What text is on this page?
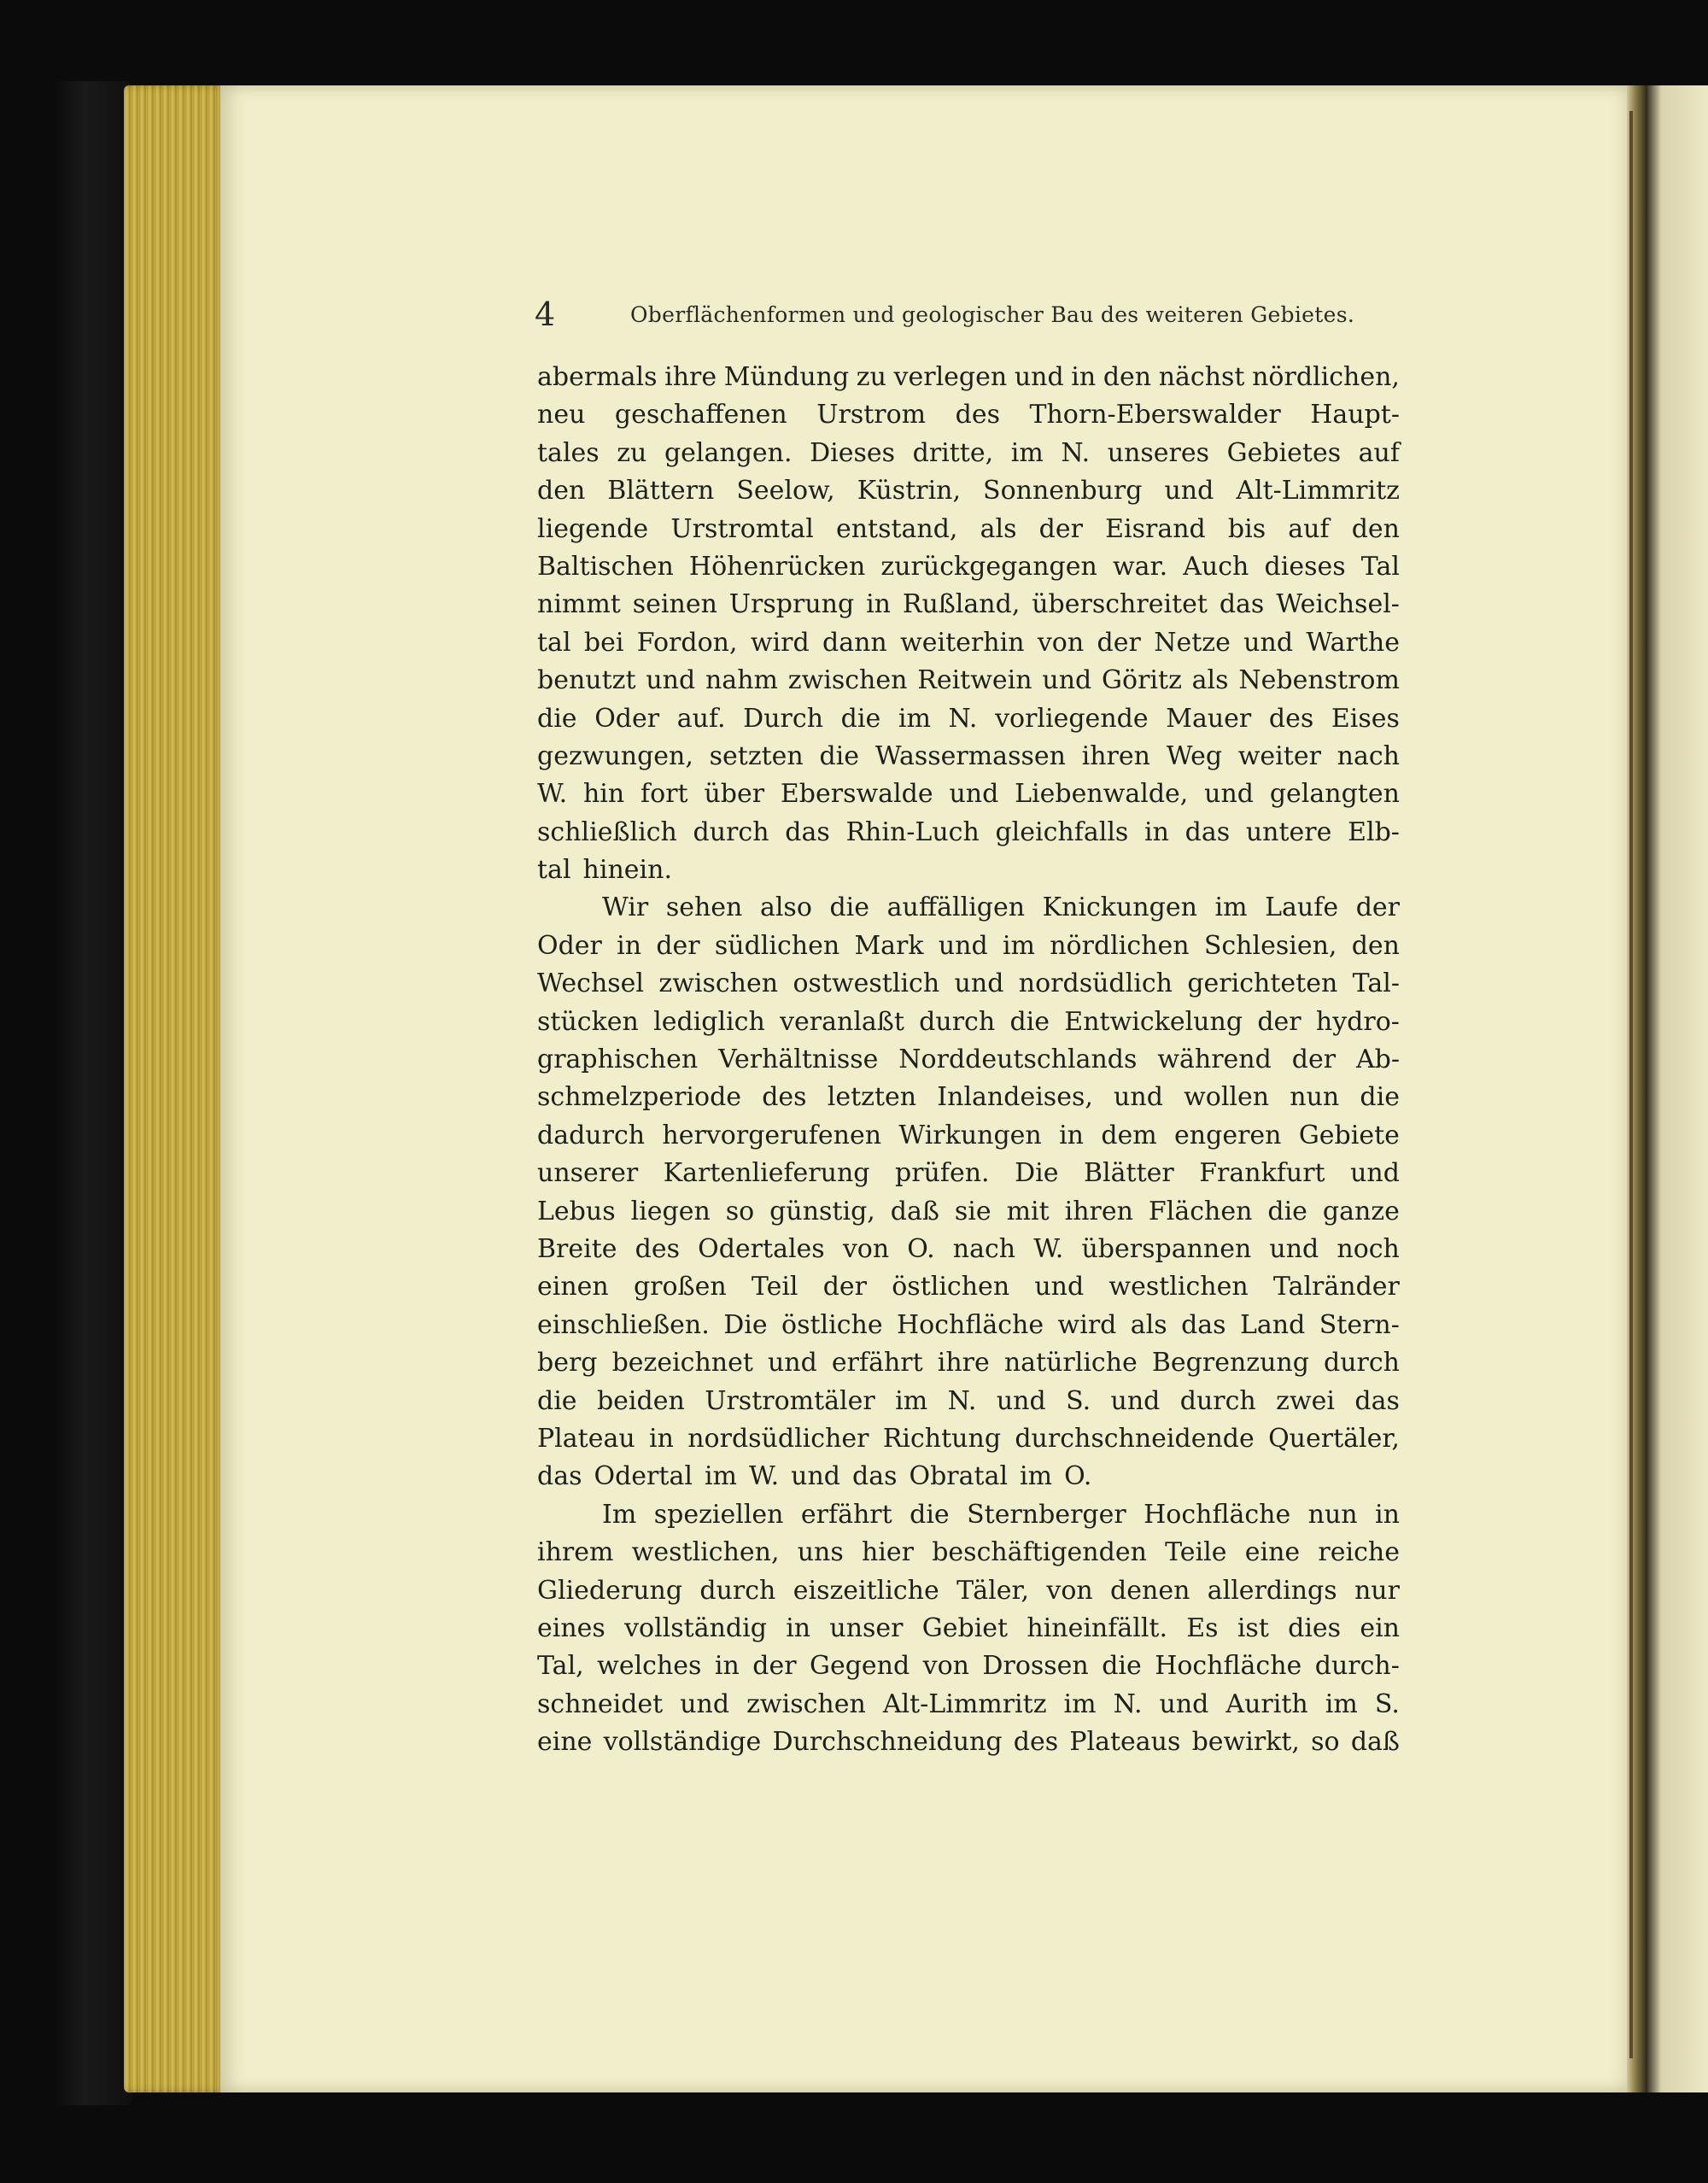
4	Oberflächenformen und geologischer Bau des weiteren Gebietes.
abermals ihre Mündung zu verlegen und in den nächst nördlichen,
neu geschaffenen Urstrom des Thorn-Eberswalder Haupt-
tales zu gelangen. Dieses dritte, im N. unseres Gebietes auf
den Blättern Seelow, Küstrin, Sonnenburg und Alt-Limmritz
liegende Urstromtal entstand, als der Eisrand bis auf den
Baltischen Höhenrücken zurückgegangen war. Auch dieses Tal
nimmt seinen Ursprung in Rußland, überschreitet das Weichsel-
tal bei Fordon, wird dann weiterhin von der Netze und Warthe
benutzt und nahm zwischen Reitwein und Göritz als Nebenstrom
die Oder auf. Durch die im N. vorliegende Mauer des Eises
gezwungen, setzten die Wassermassen ihren Weg weiter nach
W. hin fort über Eberswalde und Liebenwalde, und gelangten
schließlich durch das Rhin-Luch gleichfalls in das untere Elb-
tal hinein.
Wir sehen also die auffälligen Knickungen im Laufe der
Oder in der südlichen Mark und im nördlichen Schlesien, den
Wechsel zwischen ostwestlich und nordsüdlich gerichteten Tal-
stücken lediglich veranlaßt durch die Entwickelung der hydro-
graphischen Verhältnisse Norddeutschlands während der Ab-
schmelzperiode des letzten Inlandeises, und wollen nun die
dadurch hervorgerufenen Wirkungen in dem engeren Gebiete
unserer Kartenlieferung prüfen. Die Blätter Frankfurt und
Lebus liegen so günstig, daß sie mit ihren Flächen die ganze
Breite des Odertales von O. nach W. überspannen und noch
einen großen Teil der östlichen und westlichen Talränder
einschließen. Die östliche Hochfläche wird als das Land Stern-
berg bezeichnet und erfährt ihre natürliche Begrenzung durch
die beiden Urstromtäler im N. und S. und durch zwei das
Plateau in nordsüdlicher Richtung durchschneidende Quertäler,
das Odertal im W. und das Obratal im O.
Im speziellen erfährt die Sternberger Hochfläche nun in
ihrem westlichen, uns hier beschäftigenden Teile eine reiche
Gliederung durch eiszeitliche Täler, von denen allerdings nur
eines vollständig in unser Gebiet hineinfällt. Es ist dies ein
Tal, welches in der Gegend von Drossen die Hochfläche durch-
schneidet und zwischen Alt-Limmritz im N. und Aurith im S.
eine vollständige Durchschneidung des Plateaus bewirkt, so daß
